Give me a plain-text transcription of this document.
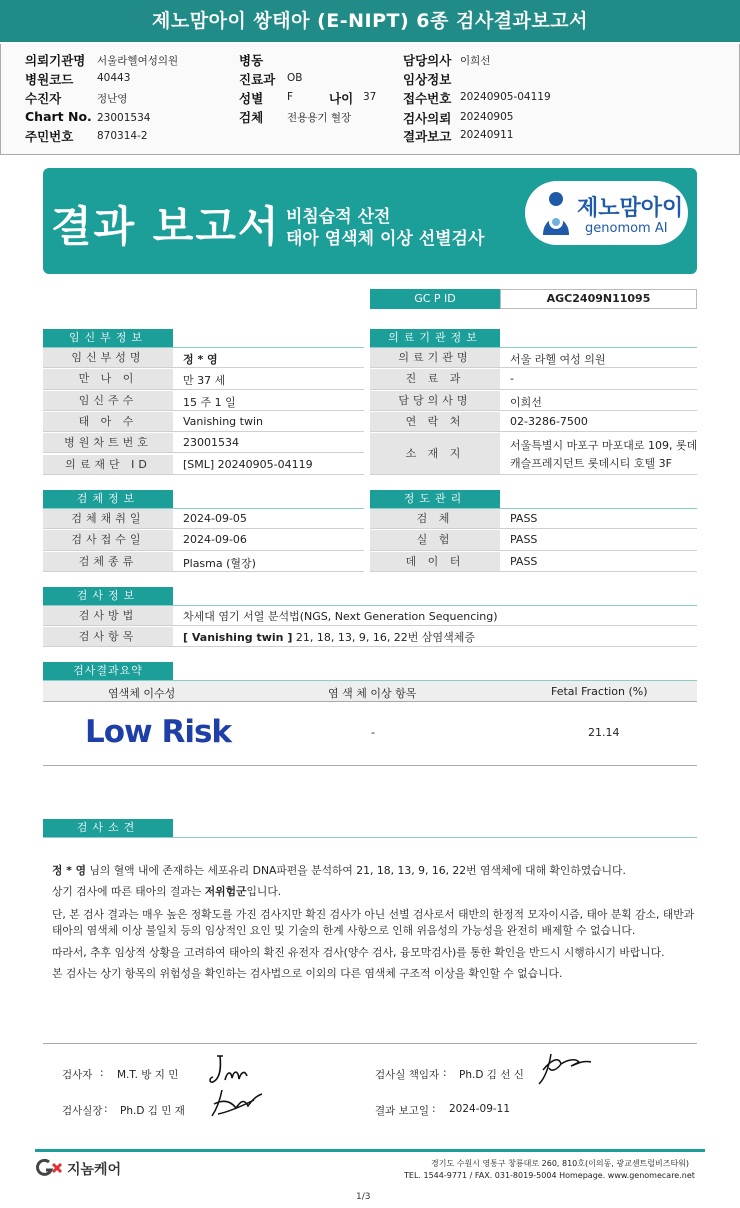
제노맘아이 쌍태아 (E-NIPT) 6종 검사결과보고서
의뢰기관명 서울라헬여성의원
병원코드 40443
수진자	정난영
Chart No. 23001534
주민번호 870314-2
병동
진료과 OB
성별 F	나이 37
검체 전용용기 혈장
담당의사 이희선
임상정보
접수번호 20240905-04119
검사의뢰 20240905
결과보고 20240911
결과 보고서 비침습적 산전
태아 염색체 이상 선별검사
제노맘아이
genomom AI
GC P ID	AGC2409N11095
임신부정보
임신부성명	정 * 영
만 나 이	만 37 세
임신주수	15 주 1 일
태 아 수	Vanishing twin
병원차트번호	23001534
의료재단 ID	[SML] 20240905-04119
의료기관정보
의료기관명	서울 라헬 여성 의원
진 료 과	-
담당의사명	이희선
연 락 처	02-3286-7500
소 재 지
서울특별시 마포구 마포대로 109, 롯데
캐슬프레지던트 롯데시티 호텔 3F
검체정보
검체채취일	2024-09-05
검사접수일	2024-09-06
검체종류	Plasma (혈장)
정도관리
검 체	PASS
실 험	PASS
데 이 터	PASS
검사정보
검사방법	차세대 염기 서열 분석법(NGS, Next Generation Sequencing)
검사항목	[ Vanishing twin ] 21, 18, 13, 9, 16, 22번 삼염색체증
검사결과요약
염색체 이수성	염 색 체 이상 항목	Fetal Fraction (%)
Low Risk	-	21.14
검사소견
정 * 영 님의 혈액 내에 존재하는 세포유리 DNA파편을 분석하여 21, 18, 13, 9, 16, 22번 염색체에 대해 확인하였습니다.
상기 검사에 따른 태아의 결과는 저위험군입니다.
단, 본 검사 결과는 매우 높은 정확도를 가진 검사지만 확진 검사가 아닌 선별 검사로서 태반의 한정적 모자이시즘, 태아 분획 감소, 태반과
태아의 염색체 이상 불일치 등의 임상적인 요인 및 기술의 한계 사항으로 인해 위음성의 가능성을 완전히 배제할 수 없습니다.
따라서, 추후 임상적 상황을 고려하여 태아의 확진 유전자 검사(양수 검사, 융모막검사)를 통한 확인을 반드시 시행하시기 바랍니다.
본 검사는 상기 항목의 위험성을 확인하는 검사법으로 이외의 다른 염색체 구조적 이상을 확인할 수 없습니다.
검사자 : M.T. 방 지 민
검사실장 : Ph.D 김 민 재
검사실 책임자 : Ph.D 김 선 신
결과 보고일 : 2024-09-11
지놈케어	경기도 수원시 영통구 창룡대로 260, 810호(이의동, 광교센트럴비즈타워)
TEL. 1544-9771 / FAX. 031-8019-5004 Homepage. www.genomecare.net
1/3
